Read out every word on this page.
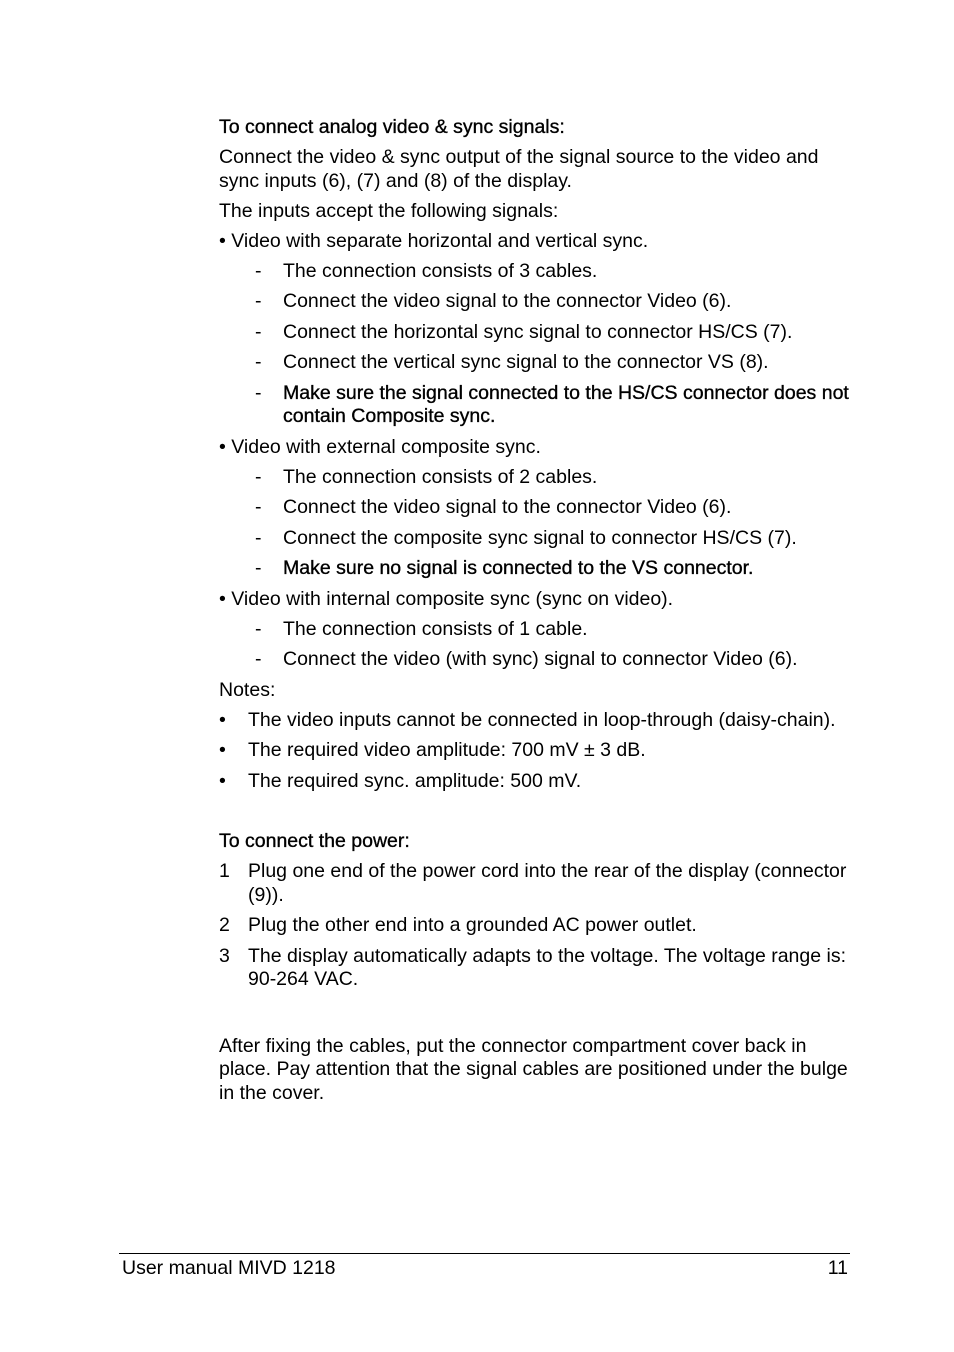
To connect analog video & sync signals:

Connect the video & sync output of the signal source to the video and sync inputs (6), (7) and (8) of the display.

The inputs accept the following signals:

• Video with separate horizontal and vertical sync.

-	The connection consists of 3 cables.
-	Connect the video signal to the connector Video (6).
-	Connect the horizontal sync signal to connector HS/CS (7).
-	Connect the vertical sync signal to the connector VS (8).
-	Make sure the signal connected to the HS/CS connector does not contain Composite sync.

• Video with external composite sync.

-	The connection consists of 2 cables.
-	Connect the video signal to the connector Video (6).
-	Connect the composite sync signal to connector HS/CS (7).
-	Make sure no signal is connected to the VS connector.

• Video with internal composite sync (sync on video).

-	The connection consists of 1 cable.
-	Connect the video (with sync) signal to connector Video (6).

Notes:

•	The video inputs cannot be connected in loop-through (daisy-chain).
•	The required video amplitude: 700 mV ± 3 dB.
•	The required sync. amplitude: 500 mV.

To connect the power:

1 Plug one end of the power cord into the rear of the display (connector (9)).
2 Plug the other end into a grounded AC power outlet.
3 The display automatically adapts to the voltage. The voltage range is: 90-264 VAC.

After fixing the cables, put the connector compartment cover back in place. Pay attention that the signal cables are positioned under the bulge in the cover.

User manual MIVD 1218	11
